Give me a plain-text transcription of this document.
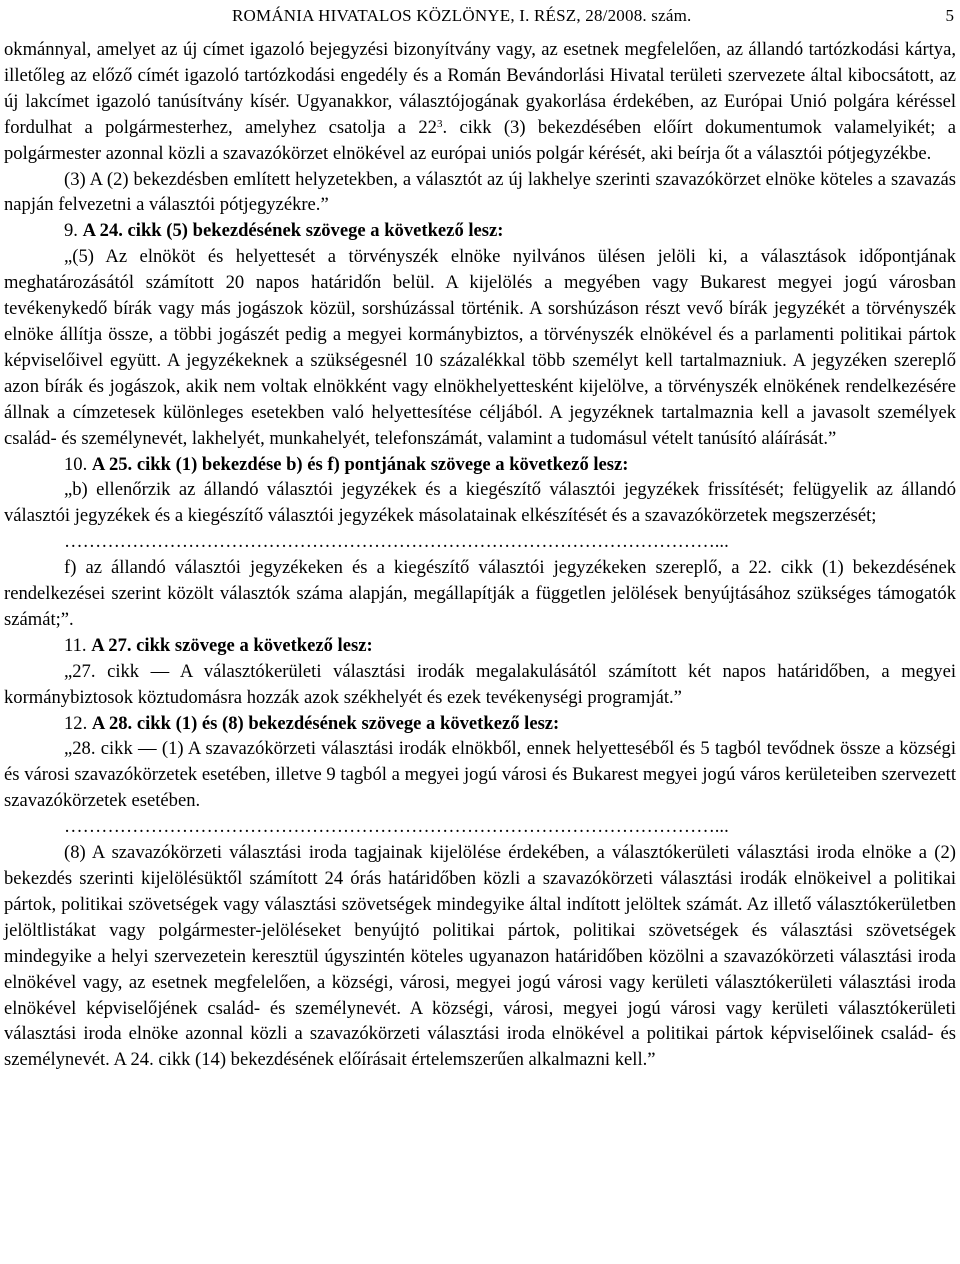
ROMÁNIA HIVATALOS KÖZLÖNYE, I. RÉSZ, 28/2008. szám.	5

okmánnyal, amelyet az új címet igazoló bejegyzési bizonyítvány vagy, az esetnek megfelelően, az állandó tartózkodási kártya, illetőleg az előző címét igazoló tartózkodási engedély és a Román Bevándorlási Hivatal területi szervezete által kibocsátott, az új lakcímet igazoló tanúsítvány kísér. Ugyanakkor, választójogának gyakorlása érdekében, az Európai Unió polgára kéréssel fordulhat a polgármesterhez, amelyhez csatolja a $22^3$. cikk (3) bekezdésében előírt dokumentumok valamelyikét; a polgármester azonnal közli a szavazókörzet elnökével az európai uniós polgár kérését, aki beírja őt a választói pótjegyzékbe.

(3) A (2) bekezdésben említett helyzetekben, a választót az új lakhelye szerinti szavazókörzet elnöke köteles a szavazás napján felvezetni a választói pótjegyzékre.”

9. A 24. cikk (5) bekezdésének szövege a következő lesz:

„(5) Az elnököt és helyettesét a törvényszék elnöke nyilvános ülésen jelöli ki, a választások időpontjának meghatározásától számított 20 napos határidőn belül. A kijelölés a megyében vagy Bukarest megyei jogú városban tevékenykedő bírák vagy más jogászok közül, sorshúzással történik. A sorshúzáson részt vevő bírák jegyzékét a törvényszék elnöke állítja össze, a többi jogászét pedig a megyei kormánybiztos, a törvényszék elnökével és a parlamenti politikai pártok képviselőivel együtt. A jegyzékeknek a szükségesnél 10 százalékkal több személyt kell tartalmazniuk. A jegyzéken szereplő azon bírák és jogászok, akik nem voltak elnökként vagy elnökhelyettesként kijelölve, a törvényszék elnökének rendelkezésére állnak a címzetesek különleges esetekben való helyettesítése céljából. A jegyzéknek tartalmaznia kell a javasolt személyek család- és személynevét, lakhelyét, munkahelyét, telefonszámát, valamint a tudomásul vételt tanúsító aláírását.”

10. A 25. cikk (1) bekezdése b) és f) pontjának szövege a következő lesz:

„b) ellenőrzik az állandó választói jegyzékek és a kiegészítő választói jegyzékek frissítését; felügyelik az állandó választói jegyzékek és a kiegészítő választói jegyzékek másolatainak elkészítését és a szavazókörzetek megszerzését;

……………………………………………………………………………………………...

f) az állandó választói jegyzékeken és a kiegészítő választói jegyzékeken szereplő, a 22. cikk (1) bekezdésének rendelkezései szerint közölt választók száma alapján, megállapítják a független jelölések benyújtásához szükséges támogatók számát;”.

11. A 27. cikk szövege a következő lesz:

„27. cikk — A választókerületi választási irodák megalakulásától számított két napos határidőben, a megyei kormánybiztosok köztudomásra hozzák azok székhelyét és ezek tevékenységi programját.”

12. A 28. cikk (1) és (8) bekezdésének szövege a következő lesz:

„28. cikk — (1) A szavazókörzeti választási irodák elnökből, ennek helyetteséből és 5 tagból tevődnek össze a községi és városi szavazókörzetek esetében, illetve 9 tagból a megyei jogú városi és Bukarest megyei jogú város kerületeiben szervezett szavazókörzetek esetében.

……………………………………………………………………………………………...

(8) A szavazókörzeti választási iroda tagjainak kijelölése érdekében, a választókerületi választási iroda elnöke a (2) bekezdés szerinti kijelölésüktől számított 24 órás határidőben közli a szavazókörzeti választási irodák elnökeivel a politikai pártok, politikai szövetségek vagy választási szövetségek mindegyike által indított jelöltek számát. Az illető választókerületben jelöltlistákat vagy polgármester-jelöléseket benyújtó politikai pártok, politikai szövetségek és választási szövetségek mindegyike a helyi szervezetein keresztül úgyszintén köteles ugyanazon határidőben közölni a szavazókörzeti választási iroda elnökével vagy, az esetnek megfelelően, a községi, városi, megyei jogú városi vagy kerületi választókerületi választási iroda elnökével képviselőjének család- és személynevét. A községi, városi, megyei jogú városi vagy kerületi választókerületi választási iroda elnöke azonnal közli a szavazókörzeti választási iroda elnökével a politikai pártok képviselőinek család- és személynevét. A 24. cikk (14) bekezdésének előírásait értelemszerűen alkalmazni kell.”
